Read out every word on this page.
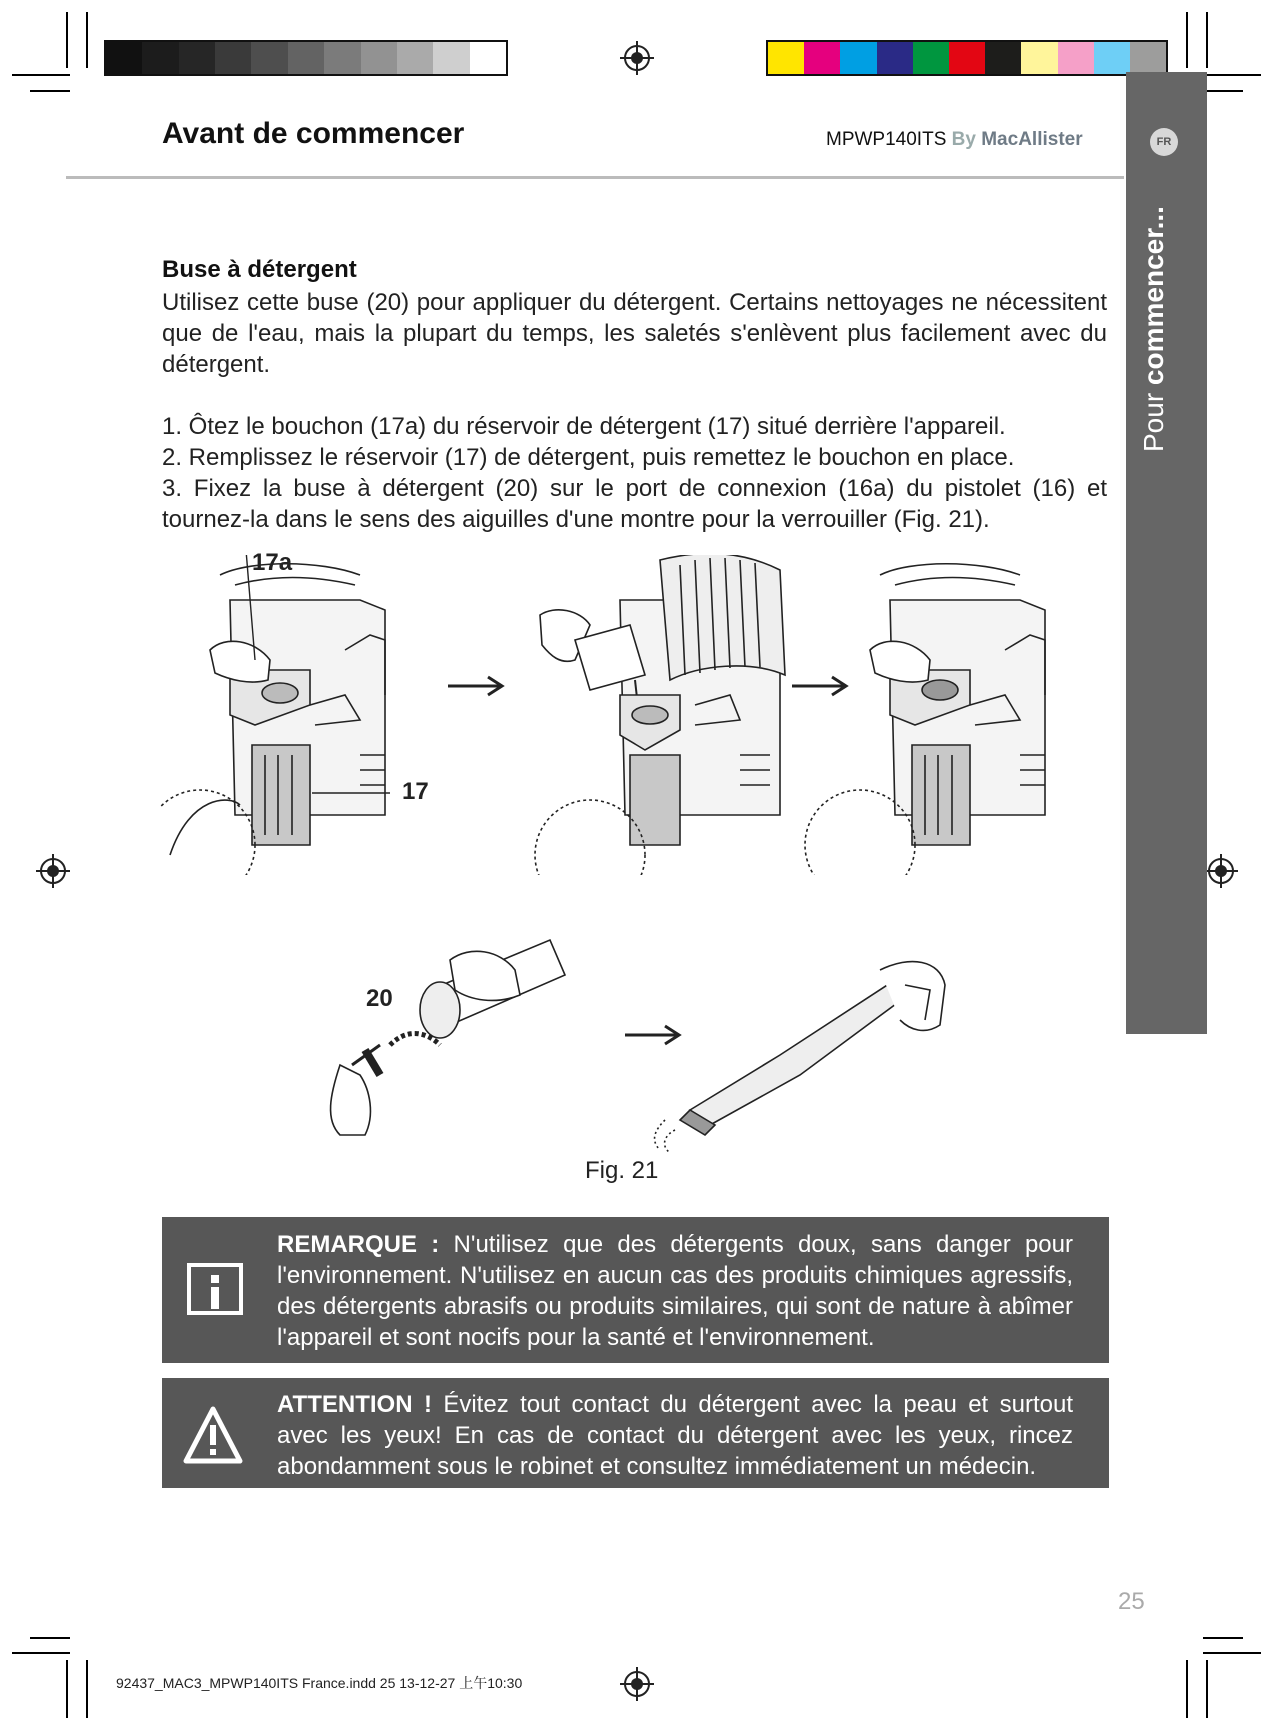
Avant de commencer	MPWP140ITS By MacAllister	FR
Pour commencer...
Buse à détergent
Utilisez cette buse (20) pour appliquer du détergent. Certains nettoyages ne nécessitent que de l'eau, mais la plupart du temps, les saletés s'enlèvent plus facilement avec du détergent.
1. Ôtez le bouchon (17a) du réservoir de détergent (17) situé derrière l'appareil.
2. Remplissez le réservoir (17) de détergent, puis remettez le bouchon en place.
3. Fixez la buse à détergent (20) sur le port de connexion (16a) du pistolet (16) et tournez-la dans le sens des aiguilles d'une montre pour la verrouiller (Fig. 21).
17a
17
20
Fig. 21
REMARQUE : N'utilisez que des détergents doux, sans danger pour l'environnement. N'utilisez en aucun cas des produits chimiques agressifs, des détergents abrasifs ou produits similaires, qui sont de nature à abîmer l'appareil et sont nocifs pour la santé et l'environnement.
ATTENTION ! Évitez tout contact du détergent avec la peau et surtout avec les yeux! En cas de contact du détergent avec les yeux, rincez abondamment sous le robinet et consultez immédiatement un médecin.
25
92437_MAC3_MPWP140ITS France.indd 25 13-12-27 上午10:30
